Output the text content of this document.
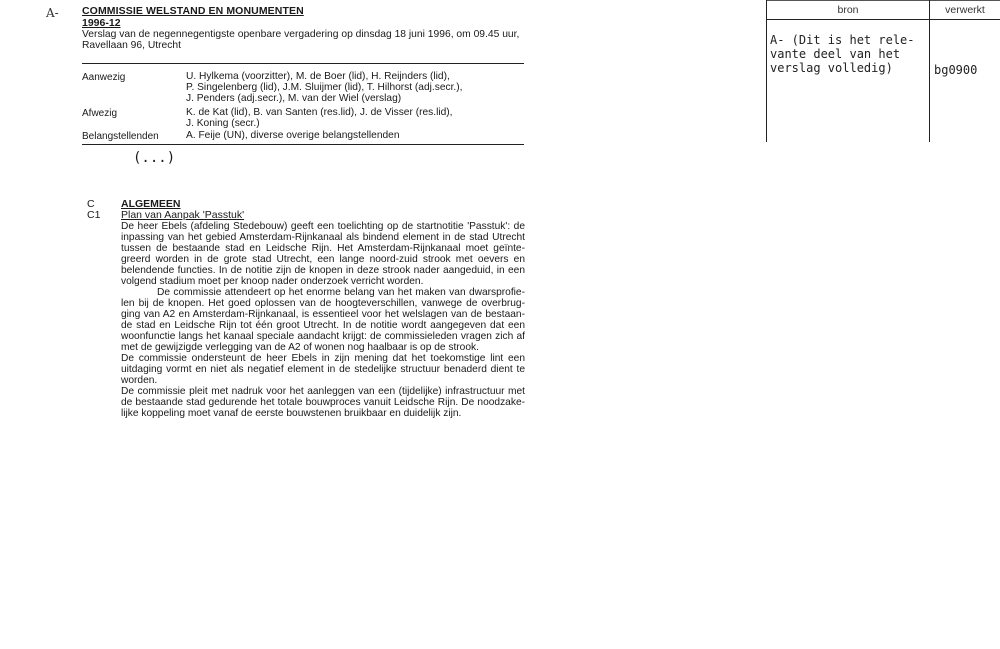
A- COMMISSIE WELSTAND EN MONUMENTEN
1996-12
Verslag van de negennegentigste openbare vergadering op dinsdag 18 juni 1996, om 09.45 uur, Ravellaan 96, Utrecht
Aanwezig	U. Hylkema (voorzitter), M. de Boer (lid), H. Reijnders (lid),
P. Singelenberg (lid), J.M. Sluijmer (lid), T. Hilhorst (adj.secr.),
J. Penders (adj.secr.), M. van der Wiel (verslag)
Afwezig	K. de Kat (lid), B. van Santen (res.lid), J. de Visser (res.lid),
J. Koning (secr.)
Belangstellenden	A. Feije (UN), diverse overige belangstellenden
(...)
C	ALGEMEEN
C1 Plan van Aanpak 'Passtuk'

De heer Ebels (afdeling Stedebouw) geeft een toelichting op de startnotitie 'Passtuk': de inpassing van het gebied Amsterdam-Rijnkanaal als bindend element in de stad Utrecht tussen de bestaande stad en Leidsche Rijn. Het Amsterdam-Rijnkanaal moet geïnte-greerd worden in de grote stad Utrecht, een lange noord-zuid strook met oevers en belendende functies. In de notitie zijn de knopen in deze strook nader aangeduid, in een volgend stadium moet per knoop nader onderzoek verricht worden.

De commissie attendeert op het enorme belang van het maken van dwarsprofie-len bij de knopen. Het goed oplossen van de hoogteverschillen, vanwege de overbrug-ging van A2 en Amsterdam-Rijnkanaal, is essentieel voor het welslagen van de bestaan-de stad en Leidsche Rijn tot één groot Utrecht. In de notitie wordt aangegeven dat een woonfunctie langs het kanaal speciale aandacht krijgt: de commissieleden vragen zich af met de gewijzigde verlegging van de A2 of wonen nog haalbaar is op de strook.

De commissie ondersteunt de heer Ebels in zijn mening dat het toekomstige lint een uitdaging vormt en niet als negatief element in de stedelijke structuur benaderd dient te worden.

De commissie pleit met nadruk voor het aanleggen van een (tijdelijke) infrastructuur met de bestaande stad gedurende het totale bouwproces vanuit Leidsche Rijn. De noodzake-lijke koppeling moet vanaf de eerste bouwstenen bruikbaar en duidelijk zijn.

bron	verwerkt
A- (Dit is het rele-
vante deel van het
verslag volledig)	bg0900
